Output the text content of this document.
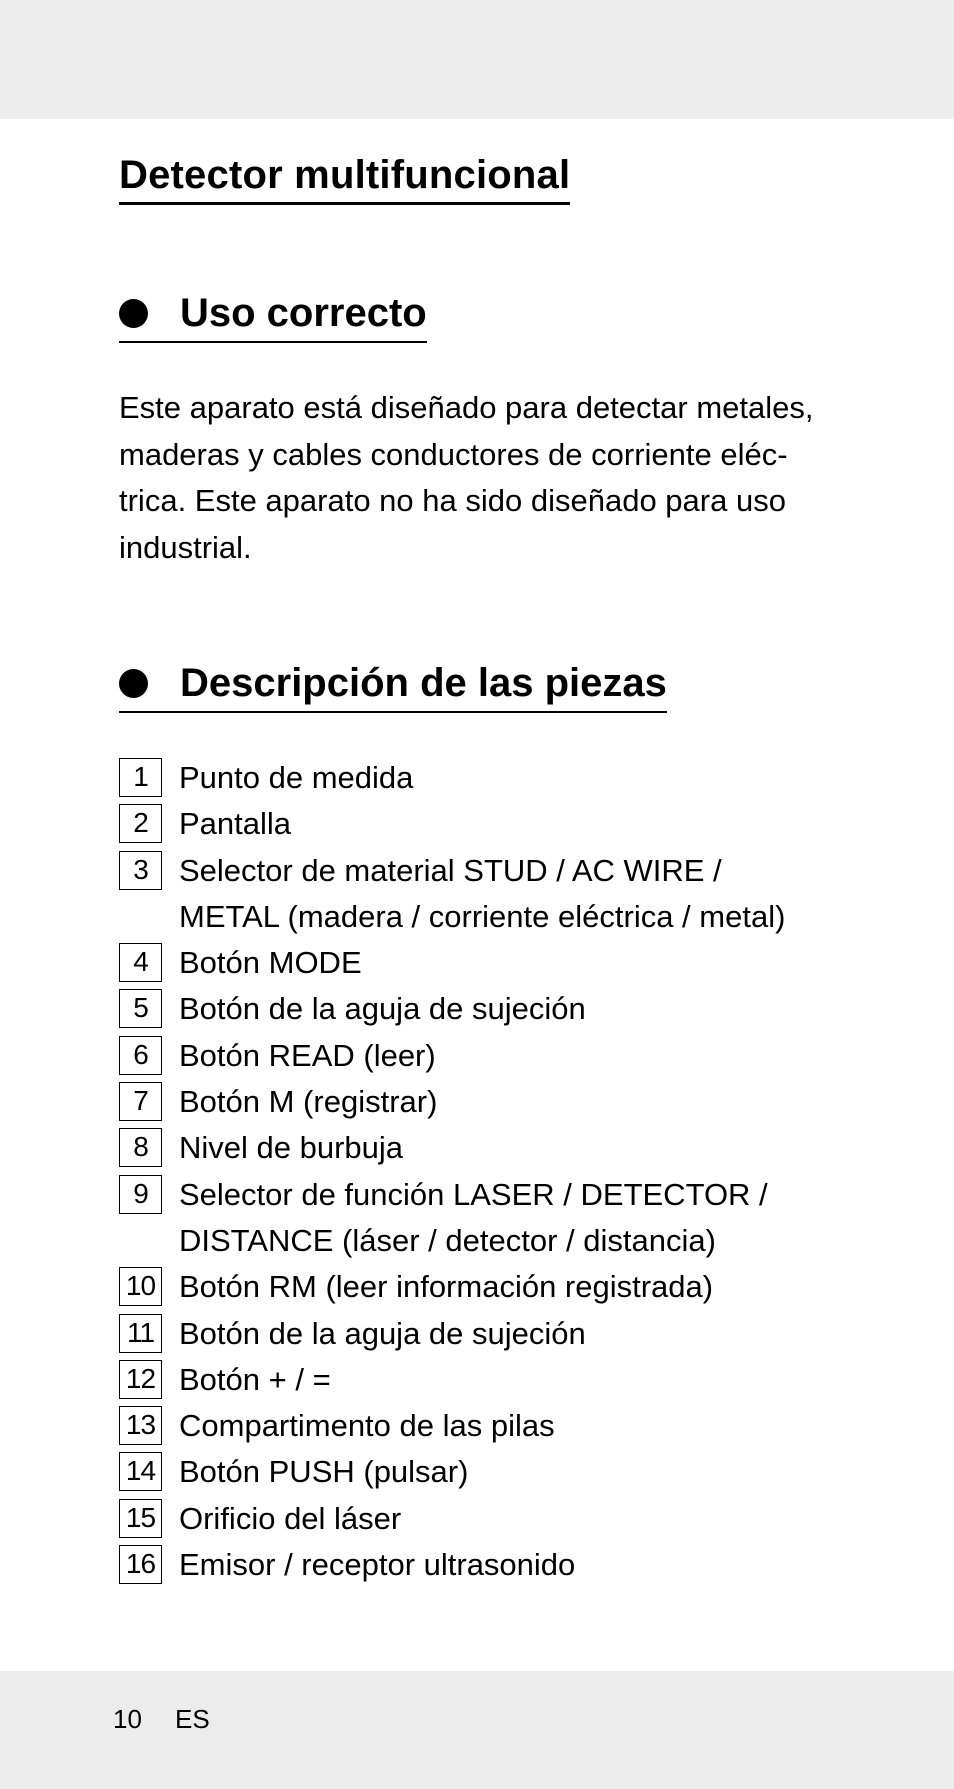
Detector multifuncional
Uso correcto

Este aparato está diseñado para detectar metales,
maderas y cables conductores de corriente eléc-
trica. Este aparato no ha sido diseñado para uso
industrial.

Descripción de las piezas
1	Punto de medida
2	Pantalla
3	Selector de material STUD / AC WIRE /
METAL (madera / corriente eléctrica / metal)
4	Botón MODE
5	Botón de la aguja de sujeción
6	Botón READ (leer)
7	Botón M (registrar)
8	Nivel de burbuja
9	Selector de función LASER / DETECTOR /
DISTANCE (láser / detector / distancia)
10 Botón RM (leer información registrada)
11 Botón de la aguja de sujeción
12 Botón + / =
13 Compartimento de las pilas
14 Botón PUSH (pulsar)
15 Orificio del láser
16 Emisor / receptor ultrasonido
10 ES
